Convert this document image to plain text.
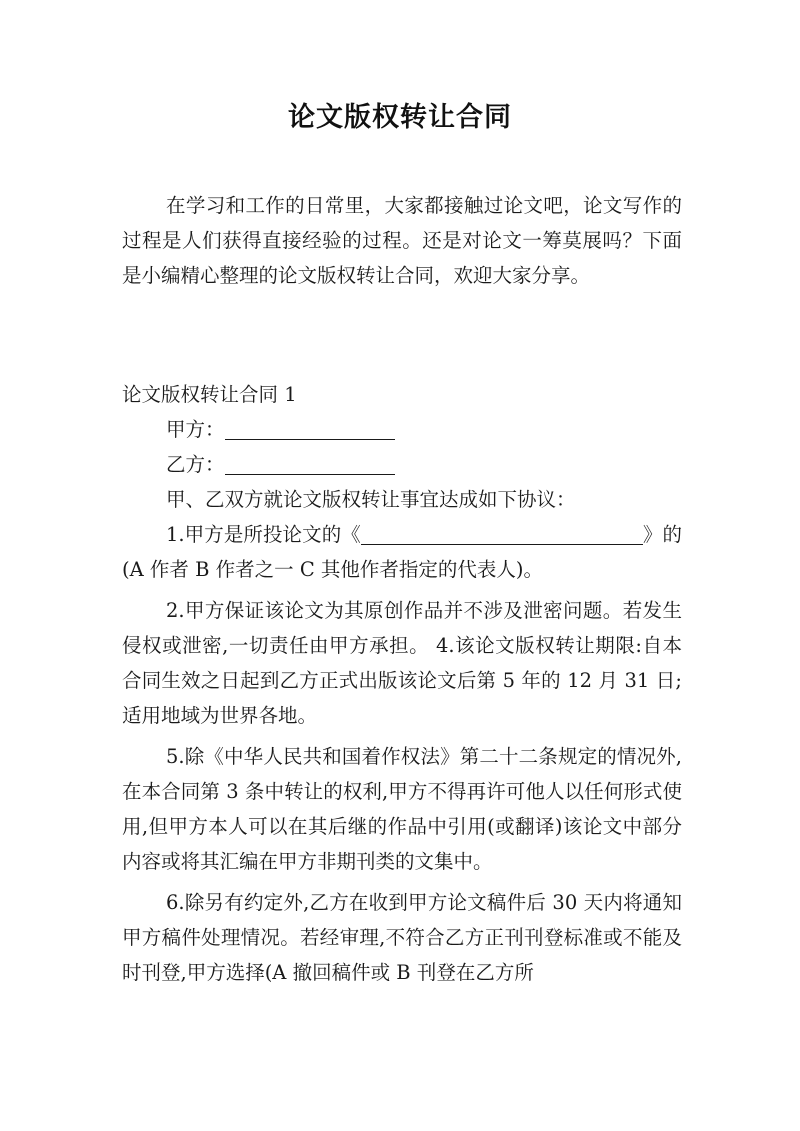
论文版权转让合同
在学习和工作的日常里，大家都接触过论文吧，论文写作的过程是人们获得直接经验的过程。还是对论文一筹莫展吗？下面是小编精心整理的论文版权转让合同，欢迎大家分享。
论文版权转让合同 1

甲方：

乙方：

甲、乙双方就论文版权转让事宜达成如下协议：

1.甲方是所投论文的《	》的(A 作者 B 作者之一 C 其他作者指定的代表人)。

2.甲方保证该论文为其原创作品并不涉及泄密问题。若发生侵权或泄密,一切责任由甲方承担。 4.该论文版权转让期限:自本合同生效之日起到乙方正式出版该论文后第 5 年的 12 月 31 日;适用地域为世界各地。

5.除《中华人民共和国着作权法》第二十二条规定的情况外,在本合同第 3 条中转让的权利,甲方不得再许可他人以任何形式使用,但甲方本人可以在其后继的作品中引用(或翻译)该论文中部分内容或将其汇编在甲方非期刊类的文集中。

6.除另有约定外,乙方在收到甲方论文稿件后 30 天内将通知甲方稿件处理情况。若经审理,不符合乙方正刊刊登标准或不能及时刊登,甲方选择(A 撤回稿件或 B 刊登在乙方所
